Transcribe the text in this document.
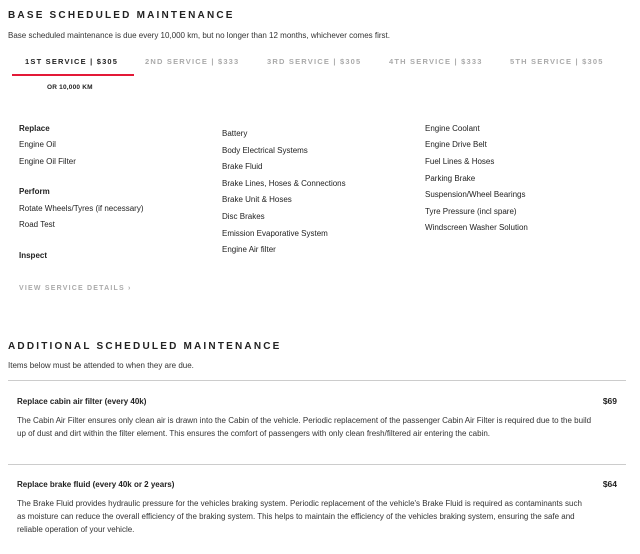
BASE SCHEDULED MAINTENANCE
Base scheduled maintenance is due every 10,000 km, but no longer than 12 months, whichever comes first.
1ST SERVICE | $305	2ND SERVICE | $333	3RD SERVICE | $305	4TH SERVICE | $333	5TH SERVICE | $305
OR 10,000 KM
Replace
Engine Oil
Engine Oil Filter
Perform
Rotate Wheels/Tyres (if necessary)
Road Test
Inspect
Battery
Body Electrical Systems
Brake Fluid
Brake Lines, Hoses & Connections
Brake Unit & Hoses
Disc Brakes
Emission Evaporative System
Engine Air filter
Engine Coolant
Engine Drive Belt
Fuel Lines & Hoses
Parking Brake
Suspension/Wheel Bearings
Tyre Pressure (incl spare)
Windscreen Washer Solution
VIEW SERVICE DETAILS ›
ADDITIONAL SCHEDULED MAINTENANCE
Items below must be attended to when they are due.
Replace cabin air filter (every 40k)	$69
The Cabin Air Filter ensures only clean air is drawn into the Cabin of the vehicle. Periodic replacement of the passenger Cabin Air Filter is required due to the build up of dust and dirt within the filter element. This ensures the comfort of passengers with only clean fresh/filtered air entering the cabin.
Replace brake fluid (every 40k or 2 years)	$64
The Brake Fluid provides hydraulic pressure for the vehicles braking system. Periodic replacement of the vehicle's Brake Fluid is required as contaminants such as moisture can reduce the overall efficiency of the braking system. This helps to maintain the efficiency of the vehicles braking system, ensuring the safe and reliable operation of your vehicle.
